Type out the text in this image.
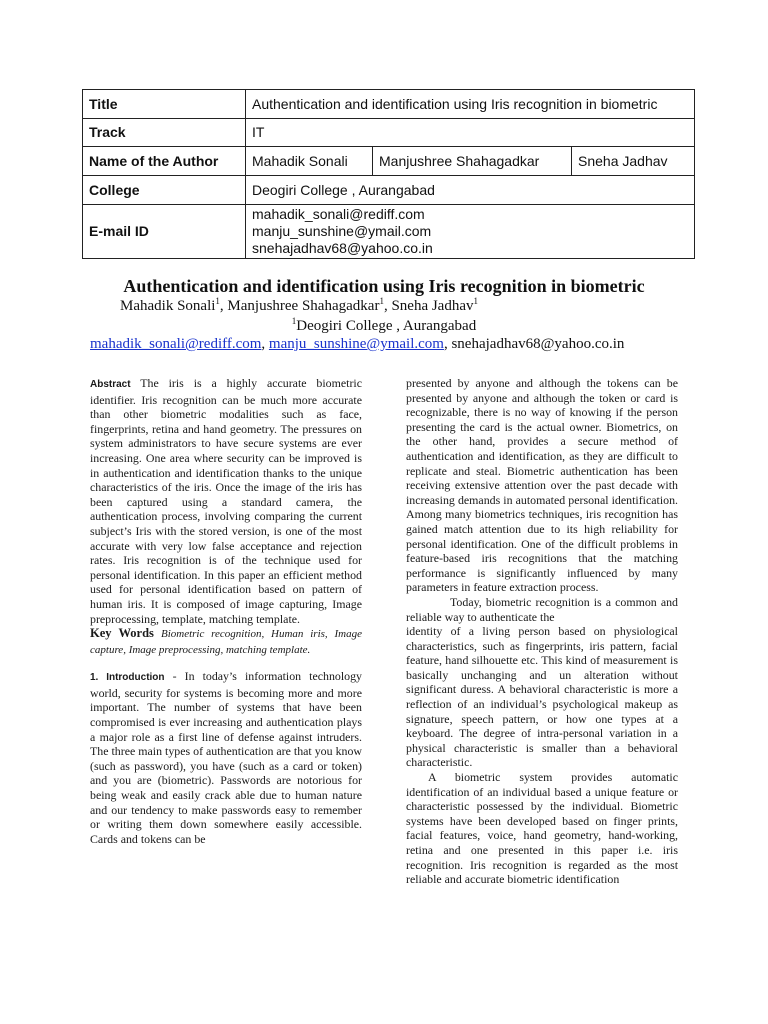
Title	Authentication and identification using Iris recognition in biometric		
Track	IT		
Name of the Author	Mahadik Sonali	Manjushree Shahagadkar	Sneha Jadhav
College	Deogiri College , Aurangabad		
E-mail ID	mahadik_sonali@rediff.com
manju_sunshine@ymail.com
snehajadhav68@yahoo.co.in		
Authentication and identification using Iris recognition in biometric
Mahadik Sonali$^1$, Manjushree Shahagadkar$^1$, Sneha Jadhav$^1$
$^1$Deogiri College , Aurangabad
mahadik_sonali@rediff.com, manju_sunshine@ymail.com, snehajadhav68@yahoo.co.in

Abstract The iris is a highly accurate biometric identifier. Iris recognition can be much more accurate than other biometric modalities such as face, fingerprints, retina and hand geometry. The pressures on system administrators to have secure systems are ever increasing. One area where security can be improved is in authentication and identification thanks to the unique characteristics of the iris. Once the image of the iris has been captured using a standard camera, the authentication process, involving comparing the current subject’s Iris with the stored version, is one of the most accurate with very low false acceptance and rejection rates. Iris recognition is of the technique used for personal identification. In this paper an efficient method used for personal identification based on pattern of human iris. It is composed of image capturing, Image preprocessing, template, matching template.

Key Words Biometric recognition, Human iris, Image capture, Image preprocessing, matching template.

1. Introduction - In today’s information technology world, security for systems is becoming more and more important. The number of systems that have been compromised is ever increasing and authentication plays a major role as a first line of defense against intruders. The three main types of authentication are that you know (such as password), you have (such as a card or token) and you are (biometric). Passwords are notorious for being weak and easily crack able due to human nature and our tendency to make passwords easy to remember or writing them down somewhere easily accessible. Cards and tokens can be

presented by anyone and although the tokens can be presented by anyone and although the token or card is recognizable, there is no way of knowing if the person presenting the card is the actual owner. Biometrics, on the other hand, provides a secure method of authentication and identification, as they are difficult to replicate and steal. Biometric authentication has been receiving extensive attention over the past decade with increasing demands in automated personal identification. Among many biometrics techniques, iris recognition has gained match attention due to its high reliability for personal identification. One of the difficult problems in feature-based iris recognitions that the matching performance is significantly influenced by many parameters in feature extraction process.

Today, biometric recognition is a common and reliable way to authenticate the

identity of a living person based on physiological characteristics, such as fingerprints, iris pattern, facial feature, hand silhouette etc. This kind of measurement is basically unchanging and un alteration without significant duress. A behavioral characteristic is more a reflection of an individual’s psychological makeup as signature, speech pattern, or how one types at a keyboard. The degree of intra-personal variation in a physical characteristic is smaller than a behavioral characteristic.

A biometric system provides automatic identification of an individual based a unique feature or characteristic possessed by the individual. Biometric systems have been developed based on finger prints, facial features, voice, hand geometry, hand-working, retina and one presented in this paper i.e. iris recognition. Iris recognition is regarded as the most reliable and accurate biometric identification
